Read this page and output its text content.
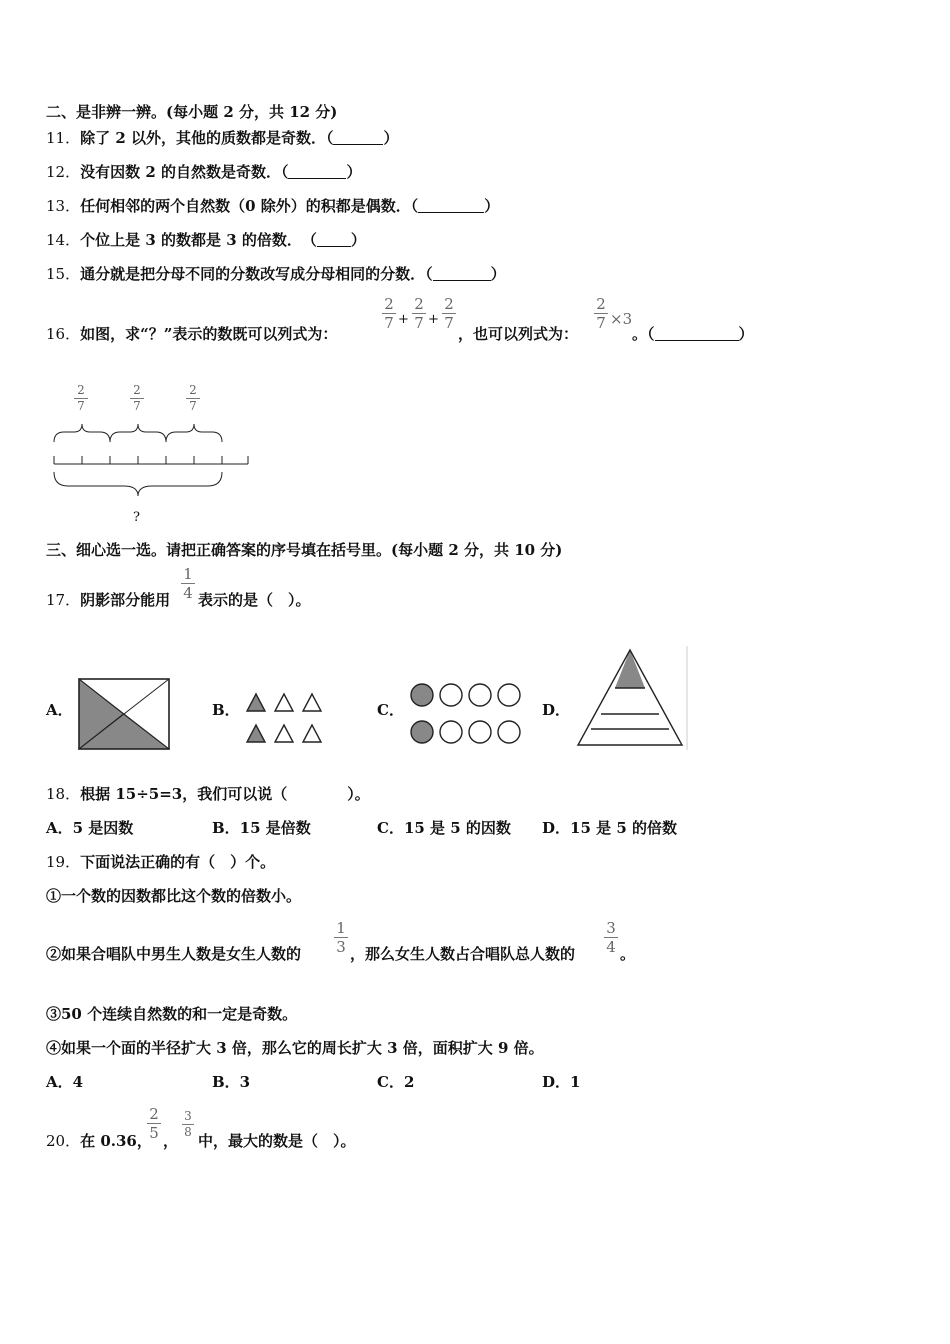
二、是非辨一辨。(每小题 2 分，共 12 分)
11．除了 2 以外，其他的质数都是奇数．（	）
12．没有因数 2 的自然数是奇数．（	）
13．任何相邻的两个自然数（0 除外）的积都是偶数．（	）
14．个位上是 3 的数都是 3 的倍数．　（ ）
15．通分就是把分母不同的分数改写成分母相同的分数．（	）
16．如图，求“？”表示的数既可以列式为：
2
7 +
2
7 +
2
7
，也可以列式为：
2
7 ×3
。（	）
2
7
2
7
2
7
?
三、细心选一选。请把正确答案的序号填在括号里。(每小题 2 分，共 10 分)
17．阴影部分能用
1
4 表示的是（　）。
A．	B．	C．	D．
18．根据 15÷5=3，我们可以说（　　　　）。
A．5 是因数	B．15 是倍数	C．15 是 5 的因数 D．15 是 5 的倍数
19．下面说法正确的有（　）个。
①一个数的因数都比这个数的倍数小。
②如果合唱队中男生人数是女生人数的
1
3 ，那么女生人数占合唱队总人数的
3
4 。
③50 个连续自然数的和一定是奇数。
④如果一个面的半径扩大 3 倍，那么它的周长扩大 3 倍，面积扩大 9 倍。
A．4	B．3	C．2	D．1
20．在 0.36，
2
5 ，
3
8 中，最大的数是（　）。
